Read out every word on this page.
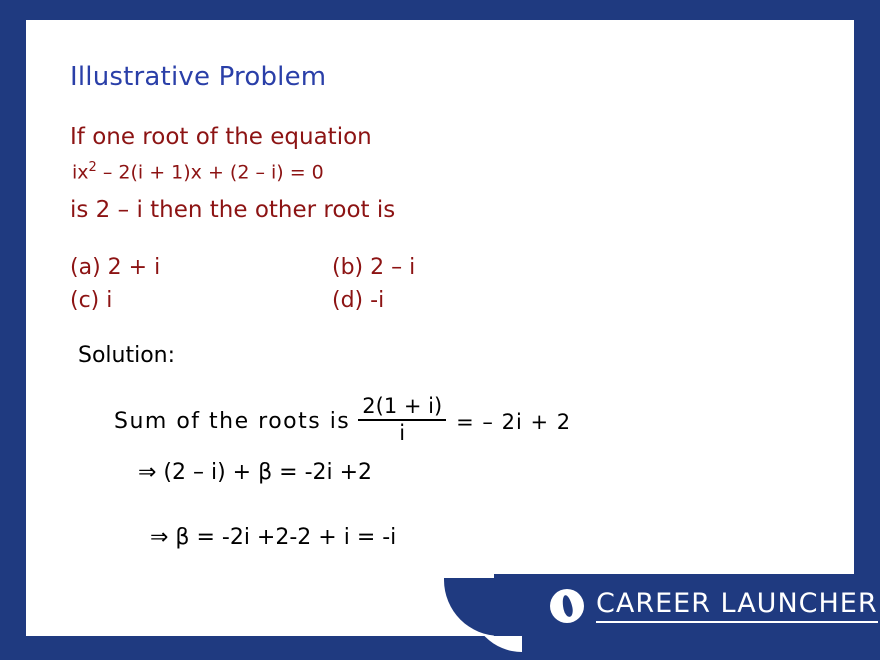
Illustrative Problem
If one root of the equation
$ix^2 - 2(i + 1)x + (2 - i) = 0$
is 2 – i then the other root is
(a) 2 + i	(b) 2 – i
(c) i	(d) -i
Solution:
Sum of the roots is $\frac{2(1 + i)}{i}$ = – 2i + 2
⇒ (2 – i) + β = -2i +2
⇒ β = -2i +2-2 + i = -i
CAREER LAUNCHER
